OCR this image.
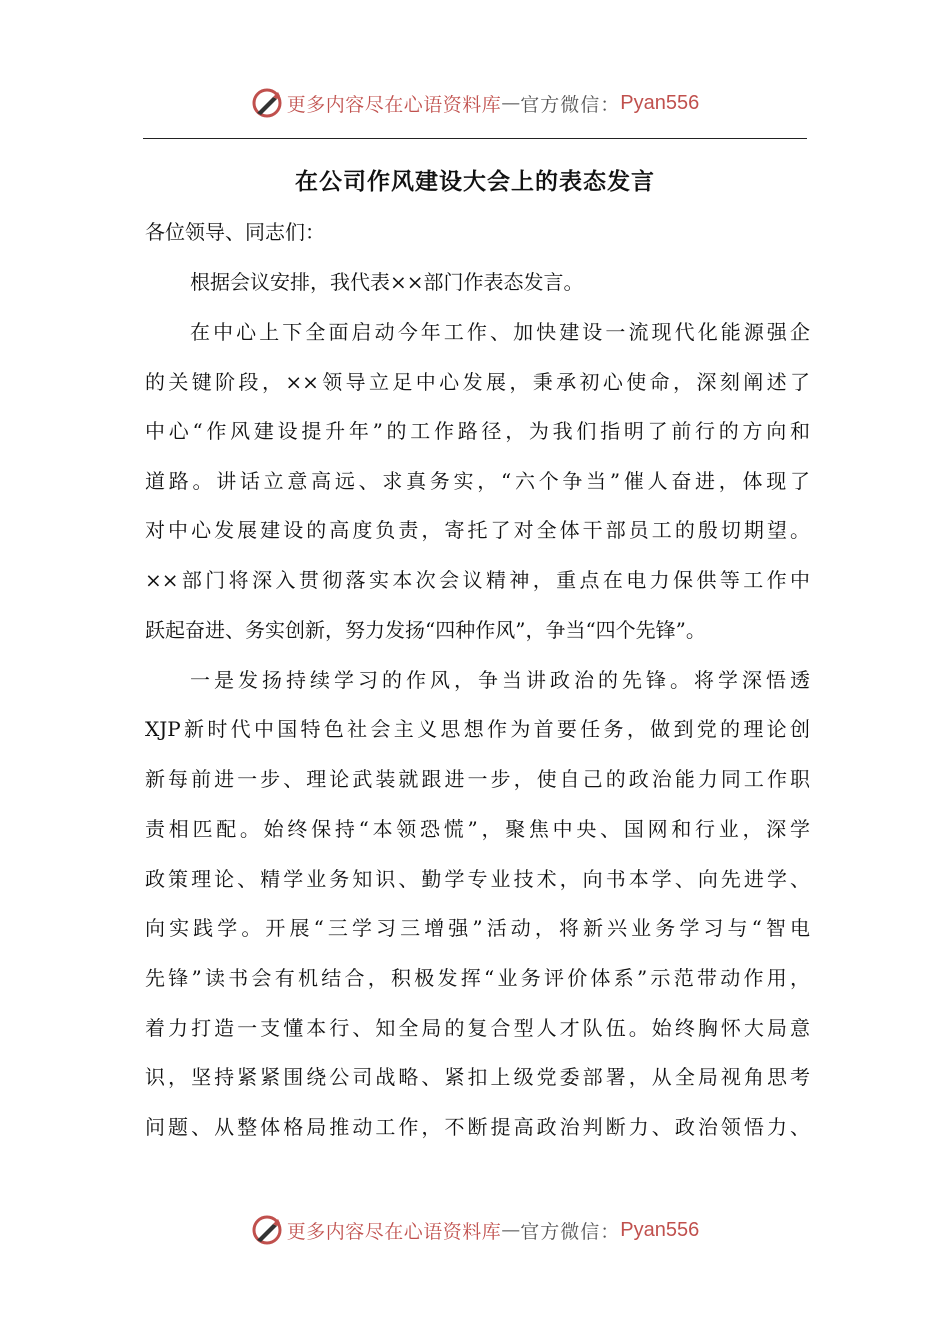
更多内容尽在心语资料库 — 官方微信： Pyan556
在公司作风建设大会上的表态发言
各位领导、同志们：
根据会议安排，我代表××部门作表态发言。
在中心上下全面启动今年工作、加快建设一流现代化能源强企
的关键阶段，××领导立足中心发展，秉承初心使命，深刻阐述了
中心“作风建设提升年”的工作路径，为我们指明了前行的方向和
道路。讲话立意高远、求真务实，“六个争当”催人奋进，体现了
对中心发展建设的高度负责，寄托了对全体干部员工的殷切期望。
××部门将深入贯彻落实本次会议精神，重点在电力保供等工作中
跃起奋进、务实创新，努力发扬“四种作风”，争当“四个先锋”。
一是发扬持续学习的作风，争当讲政治的先锋。将学深悟透
XJP新时代中国特色社会主义思想作为首要任务，做到党的理论创
新每前进一步、理论武装就跟进一步，使自己的政治能力同工作职
责相匹配。始终保持“本领恐慌”，聚焦中央、国网和行业，深学
政策理论、精学业务知识、勤学专业技术，向书本学、向先进学、
向实践学。开展“三学习三增强”活动，将新兴业务学习与“智电
先锋”读书会有机结合，积极发挥“业务评价体系”示范带动作用，
着力打造一支懂本行、知全局的复合型人才队伍。始终胸怀大局意
识，坚持紧紧围绕公司战略、紧扣上级党委部署，从全局视角思考
问题、从整体格局推动工作，不断提高政治判断力、政治领悟力、
更多内容尽在心语资料库 — 官方微信： Pyan556
